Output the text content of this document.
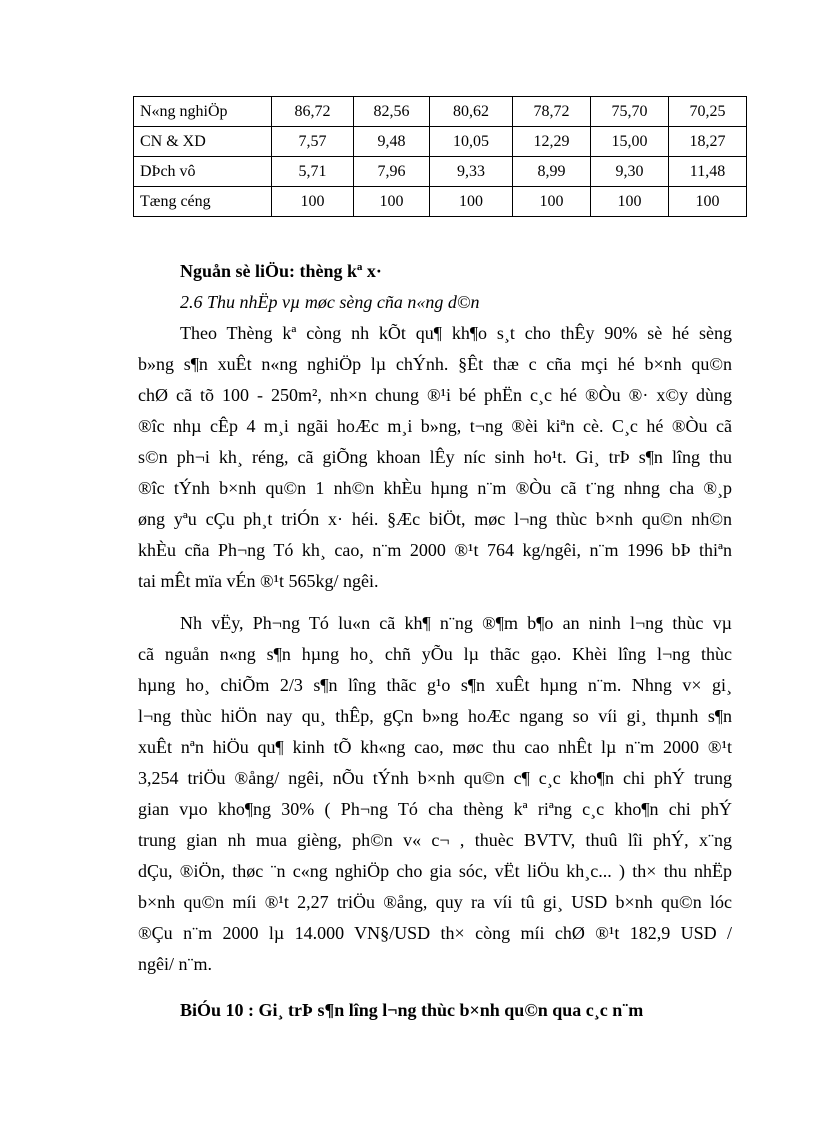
N«ng nghiÖp	86,72	82,56	80,62	78,72	75,70	70,25
CN & XD	7,57	9,48	10,05	12,29	15,00	18,27
DÞch vô	5,71	7,96	9,33	8,99	9,30	11,48
Tæng céng	100	100	100	100	100	100
Nguån sè liÖu: thèng kª x·
2.6 Thu nhËp vµ møc sèng cña n«ng d©n
Theo Thèng kª còng nh kÕt qu¶ kh¶o s¸t cho thÊy 90% sè hé sèng
b»ng s¶n xuÊt n«ng nghiÖp lµ chÝnh. §Êt thæ c cña mçi hé b×nh qu©n
chØ cã tõ 100 - 250m², nh×n chung ®¹i bé phËn c¸c hé ®Òu ®· x©y dùng
®îc nhµ cÊp 4 m¸i ngãi hoÆc m¸i b»ng, t¬ng ®èi kiªn cè. C¸c hé ®Òu cã
s©n ph¬i kh¸ réng, cã giÕng khoan lÊy níc sinh ho¹t. Gi¸ trÞ s¶n lîng thu
®îc tÝnh b×nh qu©n 1 nh©n khÈu hµng n¨m ®Òu cã t¨ng nhng cha ®¸p
øng yªu cÇu ph¸t triÓn x· héi. §Æc biÖt, møc l¬ng thùc b×nh qu©n nh©n
khÈu cña Ph¬ng Tó kh¸ cao, n¨m 2000 ®¹t 764 kg/ngêi, n¨m 1996 bÞ thiªn
tai mÊt mïa vÉn ®¹t 565kg/ ngêi.
Nh vËy, Ph¬ng Tó lu«n cã kh¶ n¨ng ®¶m b¶o an ninh l¬ng thùc vµ
cã nguån n«ng s¶n hµng ho¸ chñ yÕu lµ thãc gạo. Khèi lîng l¬ng thùc
hµng ho¸ chiÕm 2/3 s¶n lîng thãc g¹o s¶n xuÊt hµng n¨m. Nhng v× gi¸
l¬ng thùc hiÖn nay qu¸ thÊp, gÇn b»ng hoÆc ngang so víi gi¸ thµnh s¶n
xuÊt nªn hiÖu qu¶ kinh tÕ kh«ng cao, møc thu cao nhÊt lµ n¨m 2000 ®¹t
3,254 triÖu ®ång/ ngêi, nÕu tÝnh b×nh qu©n c¶ c¸c kho¶n chi phÝ trung
gian vµo kho¶ng 30% ( Ph¬ng Tó cha thèng kª riªng c¸c kho¶n chi phÝ
trung gian nh mua gièng, ph©n v« c¬ , thuèc BVTV, thuû lîi phÝ, x¨ng
dÇu, ®iÖn, thøc ¨n c«ng nghiÖp cho gia sóc, vËt liÖu kh¸c... ) th× thu nhËp
b×nh qu©n míi ®¹t 2,27 triÖu ®ång, quy ra víi tû gi¸ USD b×nh qu©n lóc
®Çu n¨m 2000 lµ 14.000 VN§/USD th× còng míi chØ ®¹t 182,9 USD /
ngêi/ n¨m.
BiÓu 10 : Gi¸ trÞ s¶n lîng l¬ng thùc b×nh qu©n qua c¸c n¨m
